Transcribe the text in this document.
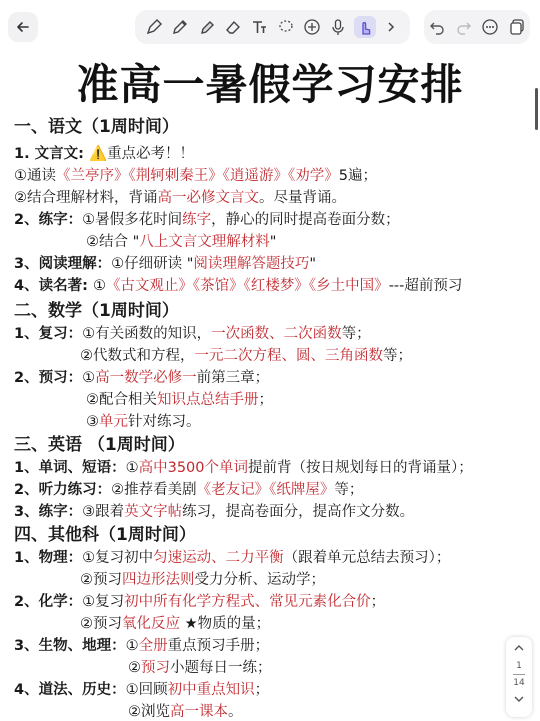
准高一暑假学习安排
一、语文（1周时间）
1. 文言文: ⚠️重点必考！！
①通读《兰亭序》《荆轲刺秦王》《逍遥游》《劝学》5遍；
②结合理解材料，背诵高一必修文言文。尽量背诵。
2、练字：①暑假多花时间练字，静心的同时提高卷面分数；
②结合 "八上文言文理解材料"
3、阅读理解：①仔细研读 "阅读理解答题技巧"
4、读名著: ①《古文观止》《茶馆》《红楼梦》《乡土中国》---超前预习
二、数学（1周时间）
1、复习：①有关函数的知识，一次函数、二次函数等；
②代数式和方程，一元二次方程、圆、三角函数等；
2、预习：①高一数学必修一前第三章；
②配合相关知识点总结手册；
③单元针对练习。
三、英语 （1周时间）
1、单词、短语：①高中3500个单词提前背（按日规划每日的背诵量）；
2、听力练习：②推荐看美剧《老友记》《纸牌屋》等；
3、练字：③跟着英文字帖练习，提高卷面分，提高作文分数。
四、其他科（1周时间）
1、物理：①复习初中匀速运动、二力平衡（跟着单元总结去预习）；
②预习四边形法则受力分析、运动学；
2、化学：①复习初中所有化学方程式、常见元素化合价；
②预习氧化反应 ★物质的量；
3、生物、地理：①全册重点预习手册；
②预习小题每日一练；
4、道法、历史：①回顾初中重点知识；
②浏览高一课本。
1
14
